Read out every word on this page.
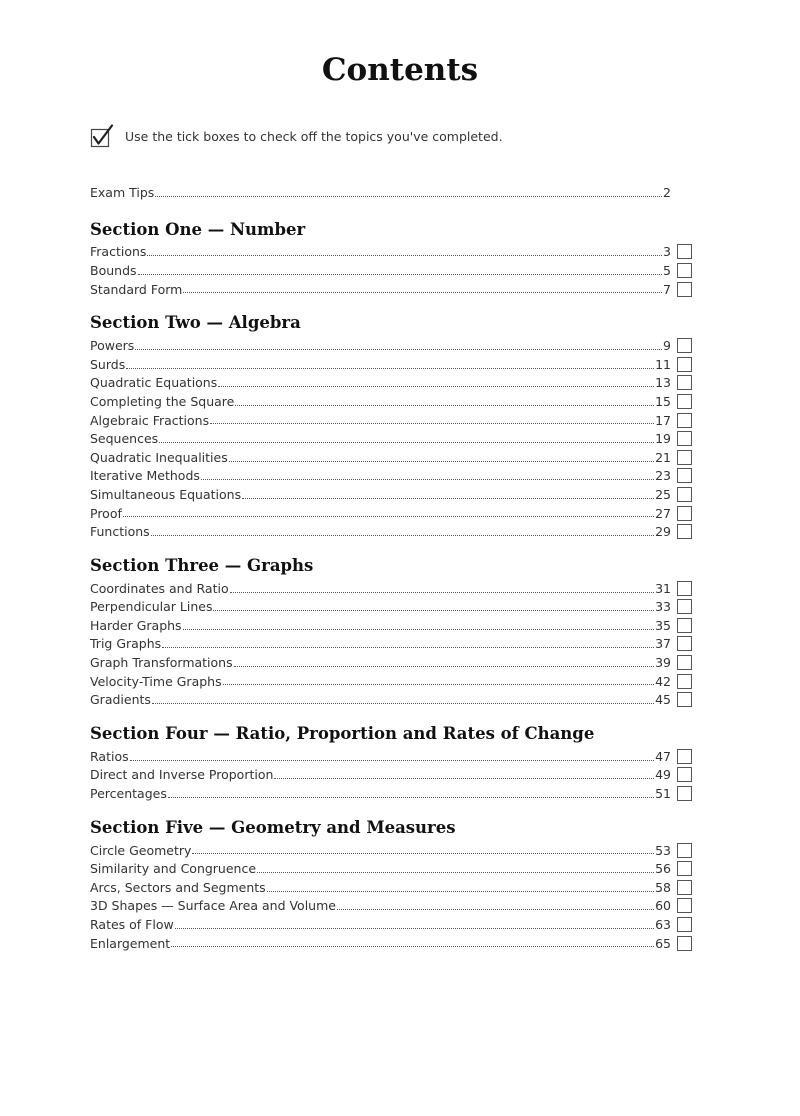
Contents
Use the tick boxes to check off the topics you've completed.
Exam Tips	2
Section One — Number
Fractions	3
Bounds	5
Standard Form	7
Section Two — Algebra
Powers	9
Surds	11
Quadratic Equations	13
Completing the Square	15
Algebraic Fractions	17
Sequences	19
Quadratic Inequalities	21
Iterative Methods	23
Simultaneous Equations	25
Proof	27
Functions	29
Section Three — Graphs
Coordinates and Ratio	31
Perpendicular Lines	33
Harder Graphs	35
Trig Graphs	37
Graph Transformations	39
Velocity-Time Graphs	42
Gradients	45
Section Four — Ratio, Proportion and Rates of Change
Ratios	47
Direct and Inverse Proportion	49
Percentages	51
Section Five — Geometry and Measures
Circle Geometry	53
Similarity and Congruence	56
Arcs, Sectors and Segments	58
3D Shapes — Surface Area and Volume	60
Rates of Flow	63
Enlargement	65
